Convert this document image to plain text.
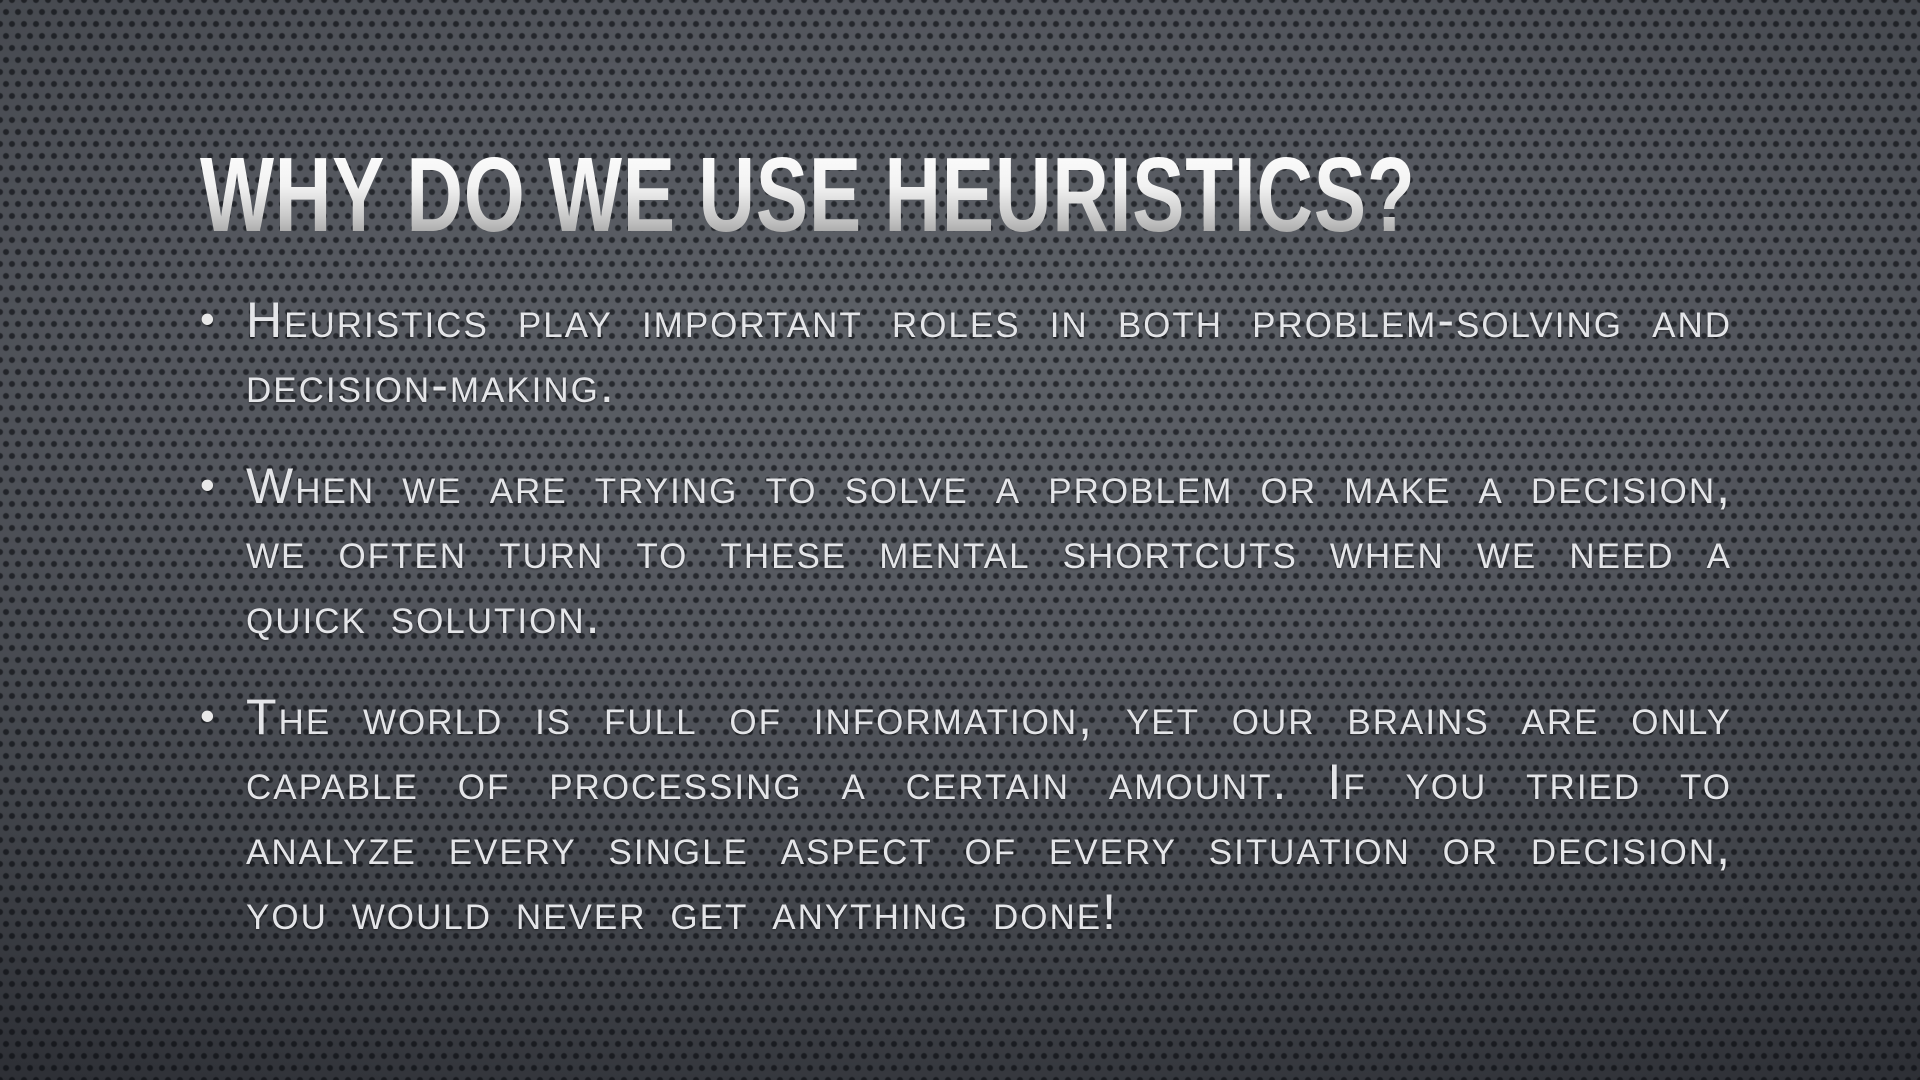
WHY DO WE USE HEURISTICS?
• Heuristics play important roles in both problem-solving and decision-making.
• When we are trying to solve a problem or make a decision, we often turn to these mental shortcuts when we need a quick solution.
• The world is full of information, yet our brains are only capable of processing a certain amount. If you tried to analyze every single aspect of every situation or decision, you would never get anything done!
